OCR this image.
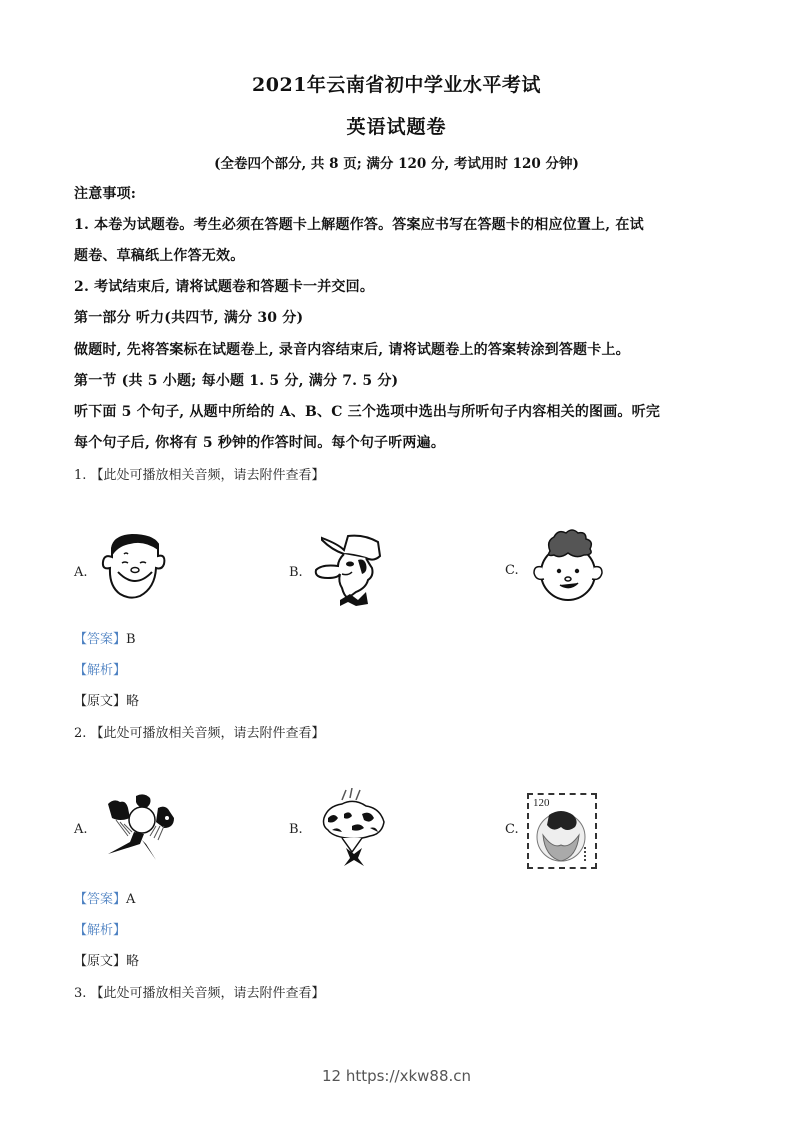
2021年云南省初中学业水平考试
英语试题卷
(全卷四个部分, 共 8 页; 满分 120 分, 考试用时 120 分钟)
注意事项:
1. 本卷为试题卷。考生必须在答题卡上解题作答。答案应书写在答题卡的相应位置上, 在试
题卷、草稿纸上作答无效。
2. 考试结束后, 请将试题卷和答题卡一并交回。
第一部分 听力(共四节, 满分 30 分)
做题时, 先将答案标在试题卷上, 录音内容结束后, 请将试题卷上的答案转涂到答题卡上。
第一节 (共 5 小题; 每小题 1. 5 分, 满分 7. 5 分)
听下面 5 个句子, 从题中所给的 A、B、C 三个选项中选出与所听句子内容相关的图画。听完
每个句子后, 你将有 5 秒钟的作答时间。每个句子听两遍。
1. 【此处可播放相关音频，请去附件查看】
A.	B.	C.
【答案】B
【解析】
【原文】略
2. 【此处可播放相关音频，请去附件查看】
A.	B.	C.
120
【答案】A
【解析】
【原文】略
3. 【此处可播放相关音频，请去附件查看】
12 https://xkw88.cn
